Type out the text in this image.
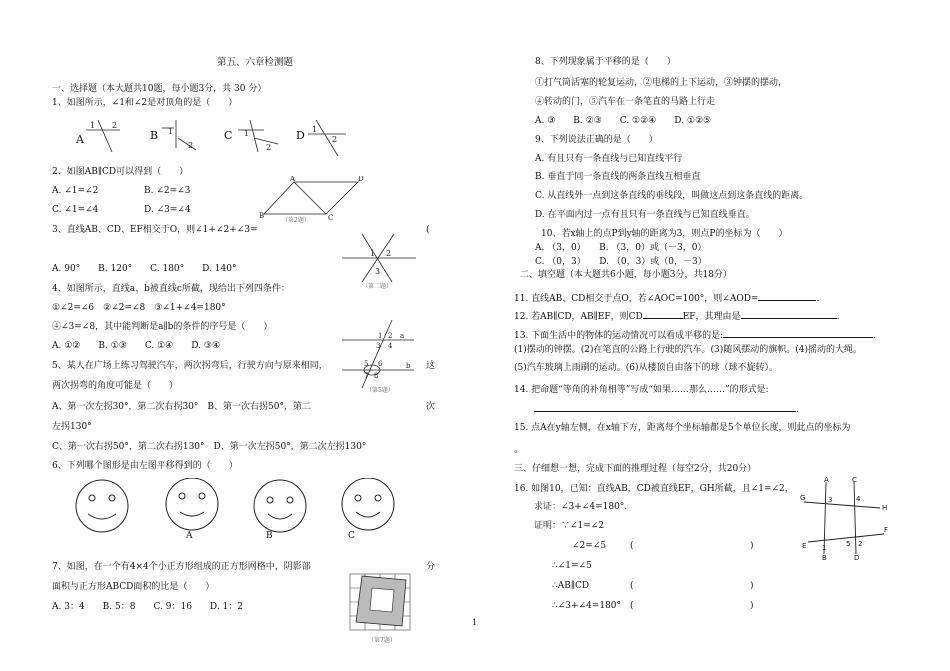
第五、六章检测题
一、选择题（本大题共10题，每小题3分，共 30 分）
1、如图所示，∠1和∠2是对顶角的是（　　）
1 2
1
2
1
2
1
2
A	B	C	D
2、如图AB∥CD可以得到（　　）
A. ∠1=∠2	B. ∠2=∠3
C. ∠1=∠4	D. ∠3=∠4
A	D
B	C
（第2题）
3、直线AB、CD、EF相交于O，则∠1+∠2+∠3=	(
A. 90°　　B. 120°　　C. 180°　　D. 140°
1 2
3
（第二题）
4、如图所示，直线a、b被直线c所截，现给出下列四条件：
①∠2=∠6　②∠2=∠8　③∠1+∠4=180°
④∠3=∠8，其中能判断是a∥b的条件的序号是（　　）
A. ①②　　B. ①③　　C. ①④　　D. ③④
1 2
3 4
5 6
7 8
a
b
（第5题）
5、某人在广场上练习驾驶汽车，两次拐弯后，行驶方向与原来相同，	这
两次拐弯的角度可能是（　　）
A、第一次左拐30°，第二次右拐30°　B、第一次右拐50°，第二	次
左拐130°
C、第一次右拐50°，第二次右拐130°　D、第一次左拐50°，第二次左拐130°
6、下列哪个图形是由左图平移得到的（　　）
A	B	C
7、如图，在一个有4×4个小正方形组成的正方形网格中，阴影部	分
面积与正方形ABCD面积的比是（　　）
A. 3：4　　B. 5：8　　C. 9：16　　D. 1：2
（第7题）
1
8、下列现象属于平移的是（　　）
①打气筒活塞的轮复运动，②电梯的上下运动，③钟摆的摆动，
④转动的门，⑤汽车在一条笔直的马路上行走
A. ③　　B. ②③　　C. ①②④　　D. ①②⑤
9、下列说法正确的是（　　）
A. 有且只有一条直线与已知直线平行
B. 垂直于同一条直线的两条直线互相垂直
C. 从直线外一点到这条直线的垂线段，叫做这点到这条直线的距离。
D. 在平面内过一点有且只有一条直线与已知直线垂直。
10、若x轴上的点P到y轴的距离为3，则点P的坐标为（　　）
A. （3，0）　　B. （3，0）或（－3，0）
C. （0，3）　　D. （0，3）或（0，－3）
二、填空题（本大题共6小题，每小题3分，共18分）
11. 直线AB、CD相交于点O，若∠AOC=100°，则∠AOD=	.
12. 若AB∥CD，AB∥EF，则CD	EF，其理由是	.
13. 下面生活中的物体的运动情况可以看成平移的是:	.
(1)摆动的钟摆。(2)在笔直的公路上行驶的汽车。(3)随风摆动的旗帜。(4)摇动的大绳。
(5)汽车玻璃上雨刷的运动。(6)从楼顶自由落下的球（球不旋转）。
14. 把命题“等角的补角相等”写成“如果……那么……”的形式是:
.
15. 点A在y轴左侧，在x轴下方，距离每个坐标轴都是5个单位长度，则此点的坐标为
。
三、仔细想一想，完成下面的推理过程（每空2分，共20分）
16. 如图10，已知：直线AB，CD被直线EF，GH所截，且∠1=∠2，
求证：∠3+∠4=180°．
证明：∵∠1=∠2
∠2=∠5	(	)
∴∠1=∠5
∴AB∥CD	(	)
∴∠3+∠4=180° (	)
A	C
G	3	4
H
E 1	5 2
F
B	D
